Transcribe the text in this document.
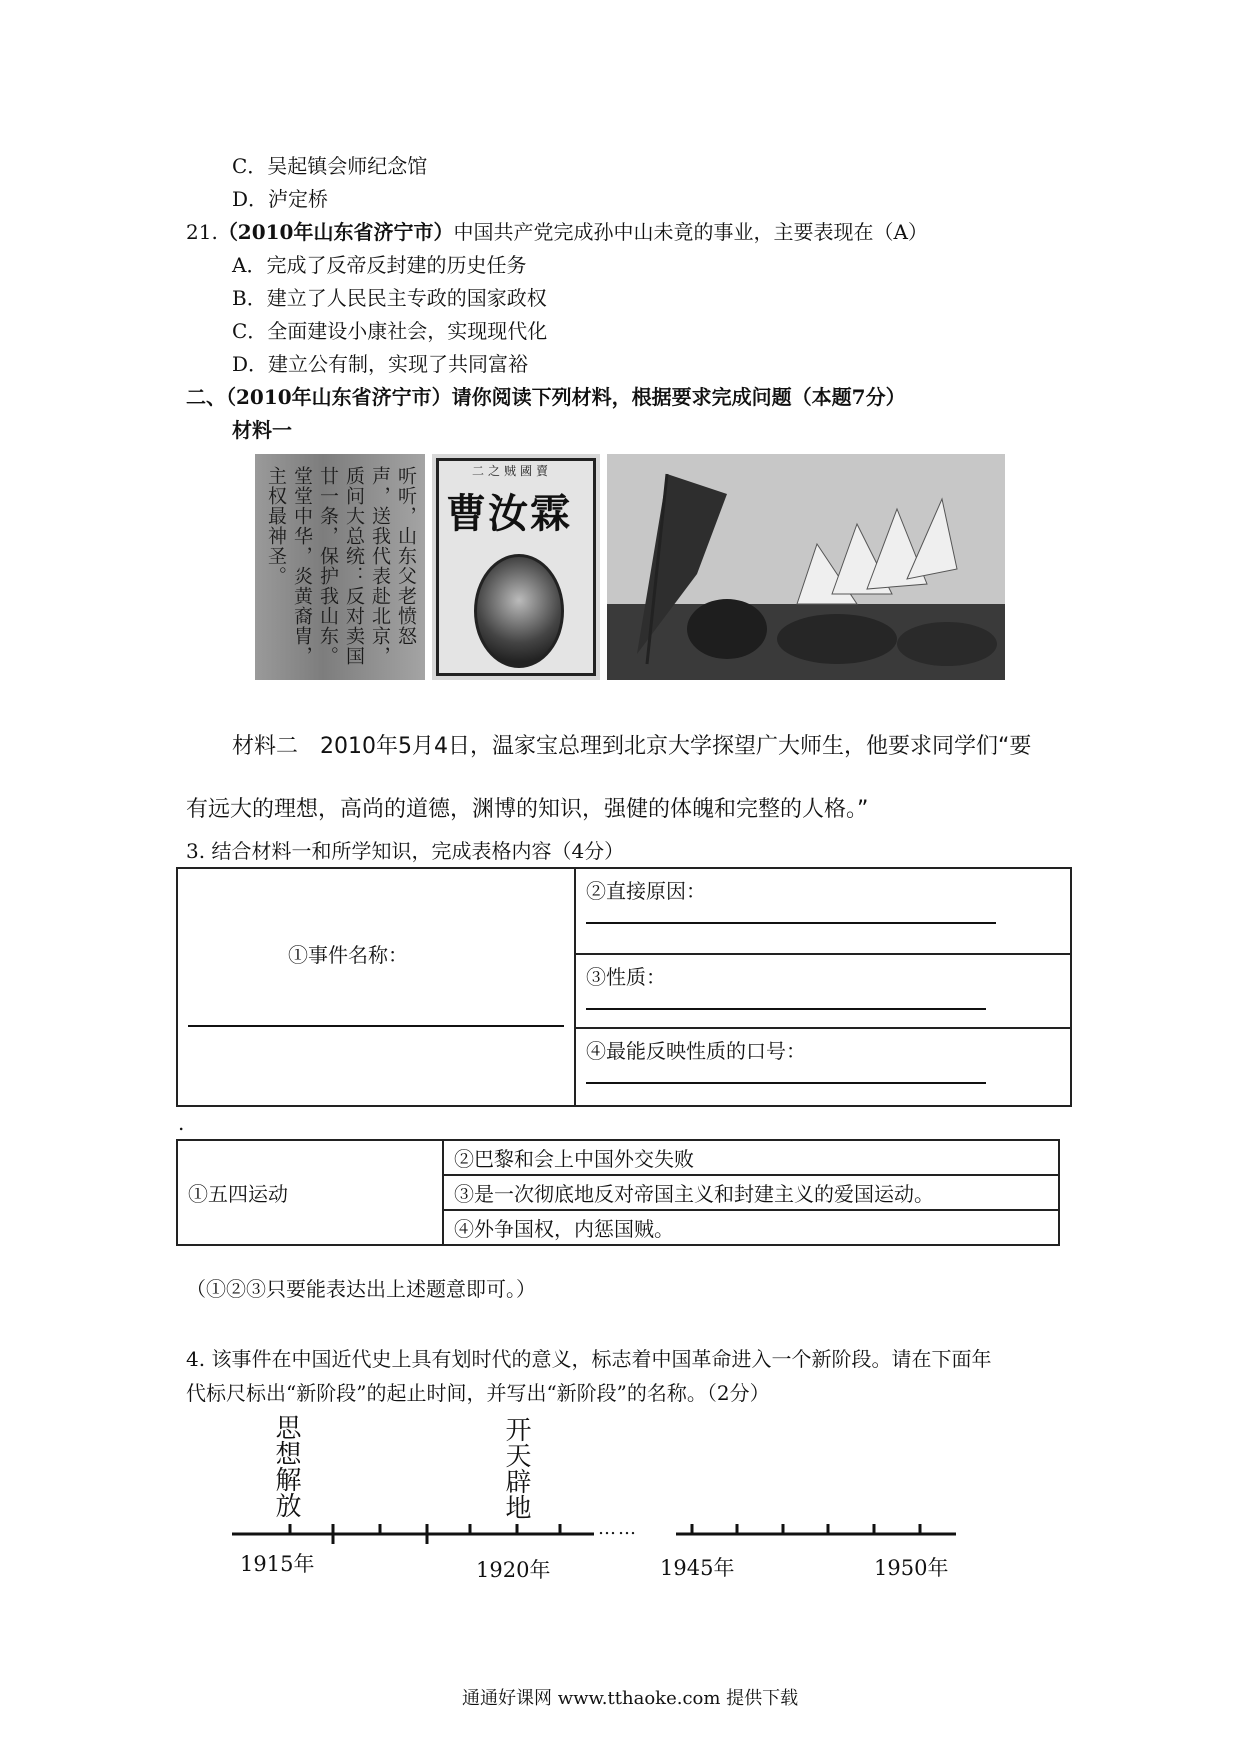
C．吴起镇会师纪念馆
D．泸定桥
21.（2010年山东省济宁市）中国共产党完成孙中山未竟的事业，主要表现在（A）
A．完成了反帝反封建的历史任务
B．建立了人民民主专政的国家政权
C．全面建设小康社会，实现现代化
D．建立公有制，实现了共同富裕
二、（2010年山东省济宁市）请你阅读下列材料，根据要求完成问题（本题7分）
材料一
听听，山东父老愤怒
声，送我代表赴北京，
质问大总统：反对卖国
廿一条，保护我山东。
堂堂中华，炎黄裔胄，
主权最神圣。	二之贼國賣
曹汝霖
材料二　2010年5月4日，温家宝总理到北京大学探望广大师生，他要求同学们“要
有远大的理想，高尚的道德，渊博的知识，强健的体魄和完整的人格。”
3. 结合材料一和所学知识，完成表格内容（4分）
①事件名称：

②直接原因：

③性质：

④最能反映性质的口号：
.
①五四运动	②巴黎和会上中国外交失败
③是一次彻底地反对帝国主义和封建主义的爱国运动。
④外争国权，内惩国贼。
（①②③只要能表达出上述题意即可。）
4. 该事件在中国近代史上具有划时代的意义，标志着中国革命进入一个新阶段。请在下面年
代标尺标出“新阶段”的起止时间，并写出“新阶段”的名称。（2分）
思想解放	开天辟地
……
1915年	1920年	1945年	1950年
通通好课网 www.tthaoke.com 提供下载
